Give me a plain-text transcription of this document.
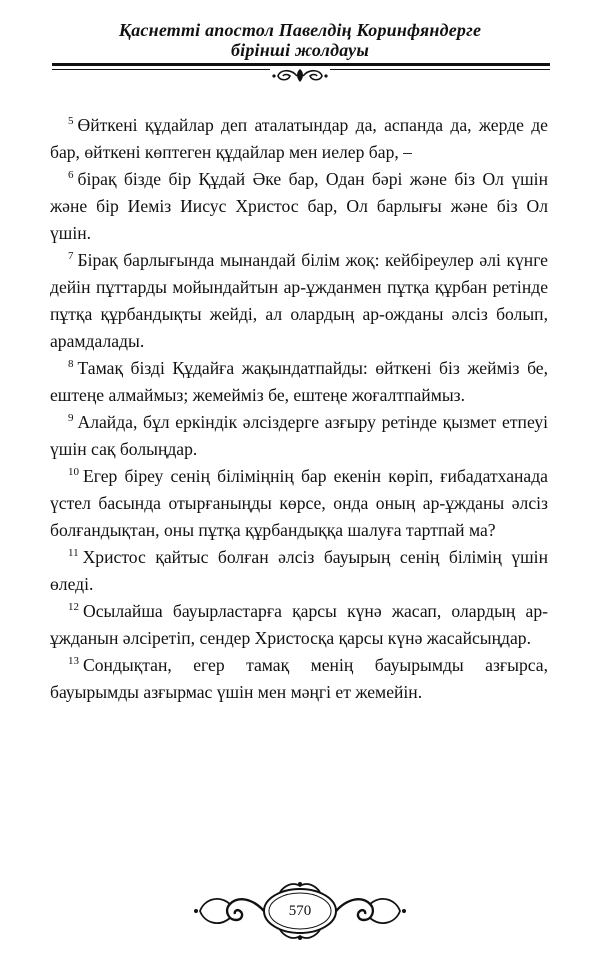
Қаснетті апостол Павелдің Коринфяндерге
бірінші жолдауы

$^5$ Өйткені құдайлар деп аталатындар да, аспанда да, жерде де бар, өйткені көптеген құдайлар мен иелер бар, –

$^6$ бірақ бізде бір Құдай Әке бар, Одан бәрі және біз Ол үшін және бір Иеміз Иисус Христос бар, Ол барлығы және біз Ол үшін.

$^7$ Бірақ барлығында мынандай білім жоқ: кейбіреулер әлі күнге дейін пұттарды мойындайтын ар-ұжданмен пұтқа құрбан ретінде пұтқа құрбандықты жейді, ал олардың ар-ожданы әлсіз болып, арамдалады.

$^8$ Тамақ бізді Құдайға жақындатпайды: өйткені біз жейміз бе, ештеңе алмаймыз; жемейміз бе, ештеңе жоғалтпаймыз.

$^9$ Алайда, бұл еркіндік әлсіздерге азғыру ретінде қызмет етпеуі үшін сақ болыңдар.

$^{10}$ Егер біреу сенің біліміңнің бар екенін көріп, ғибадатханада үстел басында отырғаныңды көрсе, онда оның ар-ұжданы әлсіз болғандықтан, оны пұтқа құрбандыққа шалуға тартпай ма?

$^{11}$ Христос қайтыс болған әлсіз бауырың сенің білімің үшін өледі.

$^{12}$ Осылайша бауырластарға қарсы күнә жасап, олардың ар-ұжданын әлсіретіп, сендер Христосқа қарсы күнә жасайсыңдар.

$^{13}$ Сондықтан, егер тамақ менің бауырымды азғырса, бауырымды азғырмас үшін мен мәңгі ет жемейін.

570
